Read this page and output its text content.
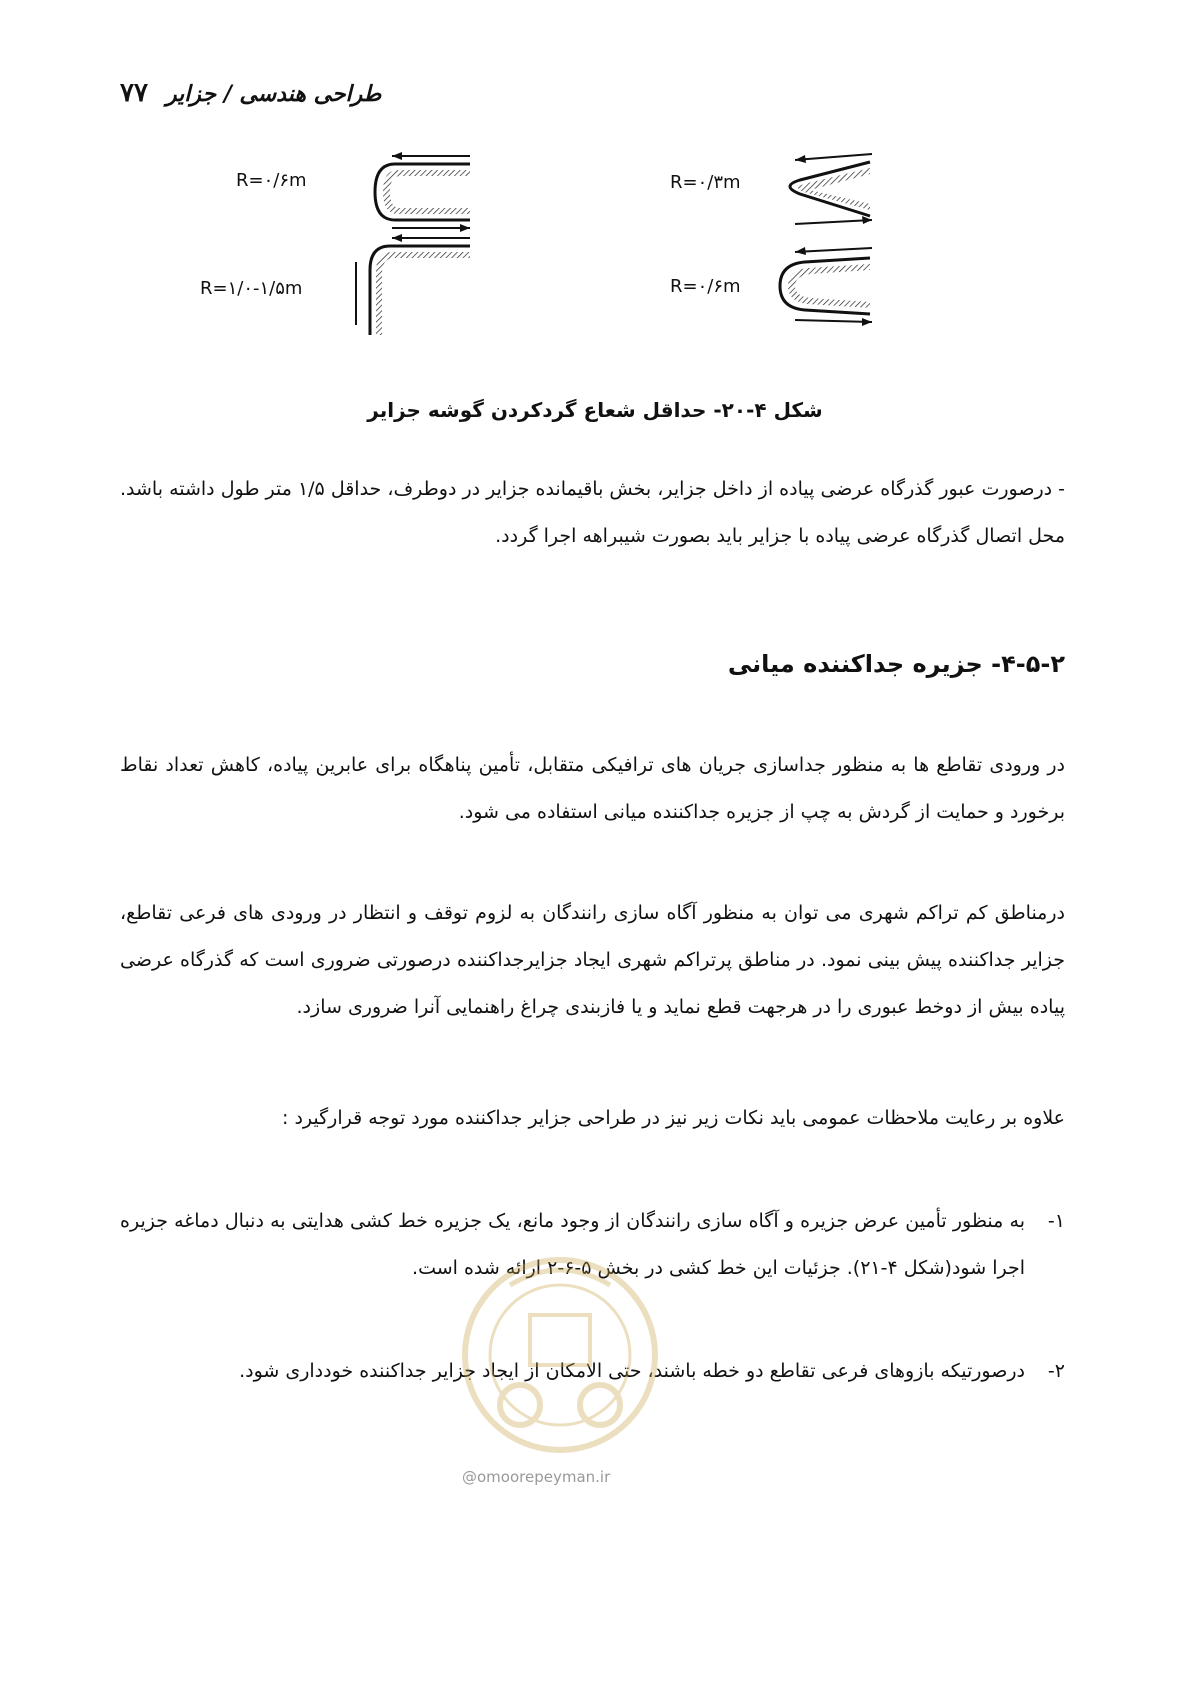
۷۷ طراحی هندسی / جزایر
R=۰/۶m
R=۱/۰-۱/۵m
R=۰/۳m
R=۰/۶m
شکل ۴-۲۰- حداقل شعاع گردکردن گوشه جزایر

- درصورت عبور گذرگاه عرضی پیاده از داخل جزایر، بخش باقیمانده جزایر در دوطرف، حداقل ۱/۵ متر طول داشته باشد. محل اتصال گذرگاه عرضی پیاده با جزایر باید بصورت شیبراهه اجرا گردد.

۴-۵-۲- جزیره جداکننده میانی

در ورودی تقاطع ها به منظور جداسازی جریان های ترافیکی متقابل، تأمین پناهگاه برای عابرین پیاده، کاهش تعداد نقاط برخورد و حمایت از گردش به چپ از جزیره جداکننده میانی استفاده می شود.

درمناطق کم تراکم شهری می توان به منظور آگاه سازی رانندگان به لزوم توقف و انتظار در ورودی های فرعی تقاطع، جزایر جداکننده پیش بینی نمود. در مناطق پرتراکم شهری ایجاد جزایرجداکننده درصورتی ضروری است که گذرگاه عرضی پیاده بیش از دوخط عبوری را در هرجهت قطع نماید و یا فازبندی چراغ راهنمایی آنرا ضروری سازد.

علاوه بر رعایت ملاحظات عمومی باید نکات زیر نیز در طراحی جزایر جداکننده مورد توجه قرارگیرد :

۱-
به منظور تأمین عرض جزیره و آگاه سازی رانندگان از وجود مانع، یک جزیره خط کشی هدایتی به دنبال دماغه جزیره اجرا شود(شکل ۴-۲۱). جزئیات این خط کشی در بخش ۵-۶-۲ ارائه شده است.
۲-
درصورتیکه بازوهای فرعی تقاطع دو خطه باشند، حتی الامکان از ایجاد جزایر جداکننده خودداری شود.
@omoorepeyman.ir
